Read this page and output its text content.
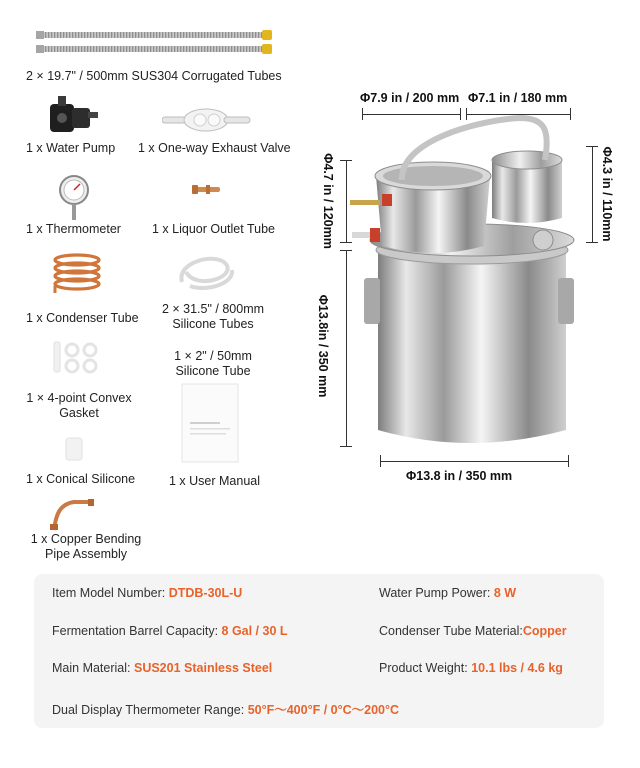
2 × 19.7" / 500mm SUS304 Corrugated Tubes
1 x Water Pump 1 x One-way Exhaust Valve
1 x Thermometer 1 x Liquor Outlet Tube
1 x Condenser Tube
2 × 31.5" / 800mm
Silicone Tubes
1 × 2" / 50mm
Silicone Tube
1 × 4-point Convex
Gasket
1 x Conical Silicone	1 x User Manual
1 x Copper Bending
Pipe Assembly
Φ7.9 in / 200 mm Φ7.1 in / 180 mm
Φ4.7 in / 120mm
Φ13.8in / 350 mm
Φ4.3 in / 110mm
Φ13.8 in / 350 mm
Item Model Number: DTDB-30L-U	Water Pump Power: 8 W
Fermentation Barrel Capacity: 8 Gal / 30 L	Condenser Tube Material:Copper
Main Material: SUS201 Stainless Steel	Product Weight: 10.1 lbs / 4.6 kg
Dual Display Thermometer Range: 50°F～400°F / 0°C～200°C
